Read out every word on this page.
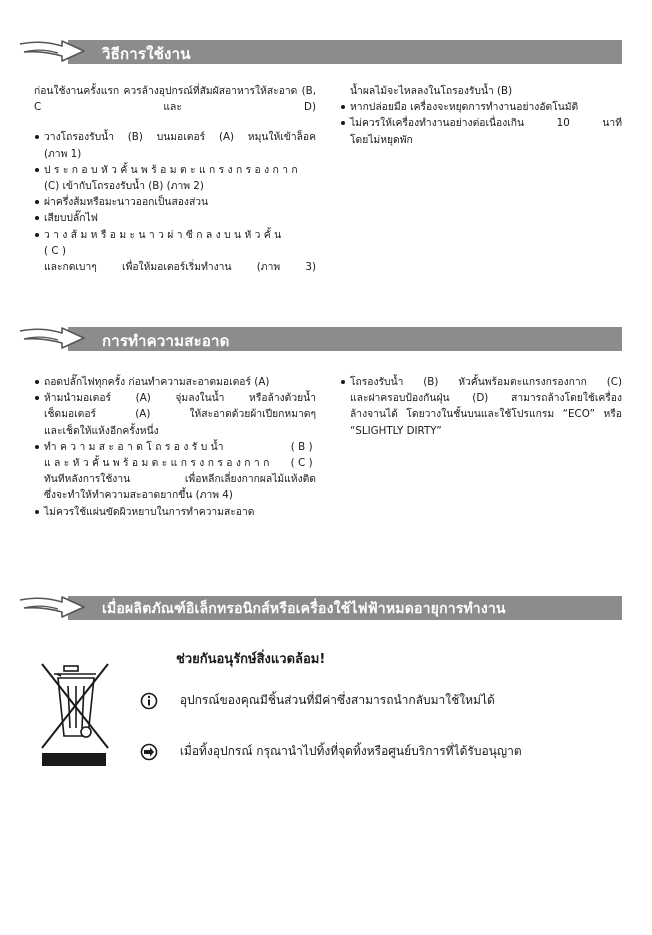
วิธีการใช้งาน

ก่อนใช้งานครั้งแรก ควรล้างอุปกรณ์ที่สัมผัสอาหารให้สะอาด (B, C และ D)

วางโถรองรับน้ำ (B) บนมอเตอร์ (A) หมุนให้เข้าล็อค
(ภาพ 1)
ประกอบหัวคั้นพร้อมตะแกรงกรองกาก
(C) เข้ากับโถรองรับน้ำ (B) (ภาพ 2)
ผ่าครึ่งส้มหรือมะนาวออกเป็นสองส่วน
เสียบปลั๊กไฟ
วางส้มหรือมะนาวผ่าซีกลงบนหัวคั้น (C)
และกดเบาๆ เพื่อให้มอเตอร์เริ่มทำงาน (ภาพ 3)

น้ำผลไม้จะไหลลงในโถรองรับน้ำ (B)

หากปล่อยมือ เครื่องจะหยุดการทำงานอย่างอัตโนมัติ
ไม่ควรให้เครื่องทำงานอย่างต่อเนื่องเกิน 10 นาที
โดยไม่หยุดพัก
การทำความสะอาด
ถอดปลั๊กไฟทุกครั้ง ก่อนทำความสะอาดมอเตอร์ (A)
ห้ามนำมอเตอร์ (A) จุ่มลงในน้ำ หรือล้างด้วยน้ำ
เช็ดมอเตอร์ (A) ให้สะอาดด้วยผ้าเปียกหมาดๆ
และเช็ดให้แห้งอีกครั้งหนึ่ง
ทำความสะอาดโถรองรับน้ำ (B)
และหัวคั้นพร้อมตะแกรงกรองกาก (C)
ทันทีหลังการใช้งาน เพื่อหลีกเลี่ยงกากผลไม้แห้งติด
ซึ่งจะทำให้ทำความสะอาดยากขึ้น (ภาพ 4)
ไม่ควรใช้แผ่นขัดผิวหยาบในการทำความสะอาด
โถรองรับน้ำ (B) หัวคั้นพร้อมตะแกรงกรองกาก (C)
และฝาครอบป้องกันฝุ่น (D) สามารถล้างโดยใช้เครื่อง
ล้างจานได้ โดยวางในชั้นบนและใช้โปรแกรม “ECO” หรือ
“SLIGHTLY DIRTY”
เมื่อผลิตภัณฑ์อิเล็กทรอนิกส์หรือเครื่องใช้ไฟฟ้าหมดอายุการทำงาน
ช่วยกันอนุรักษ์สิ่งแวดล้อม!
อุปกรณ์ของคุณมีชิ้นส่วนที่มีค่าซึ่งสามารถนำกลับมาใช้ใหม่ได้
เมื่อทิ้งอุปกรณ์ กรุณานำไปทิ้งที่จุดทิ้งหรือศูนย์บริการที่ได้รับอนุญาต
